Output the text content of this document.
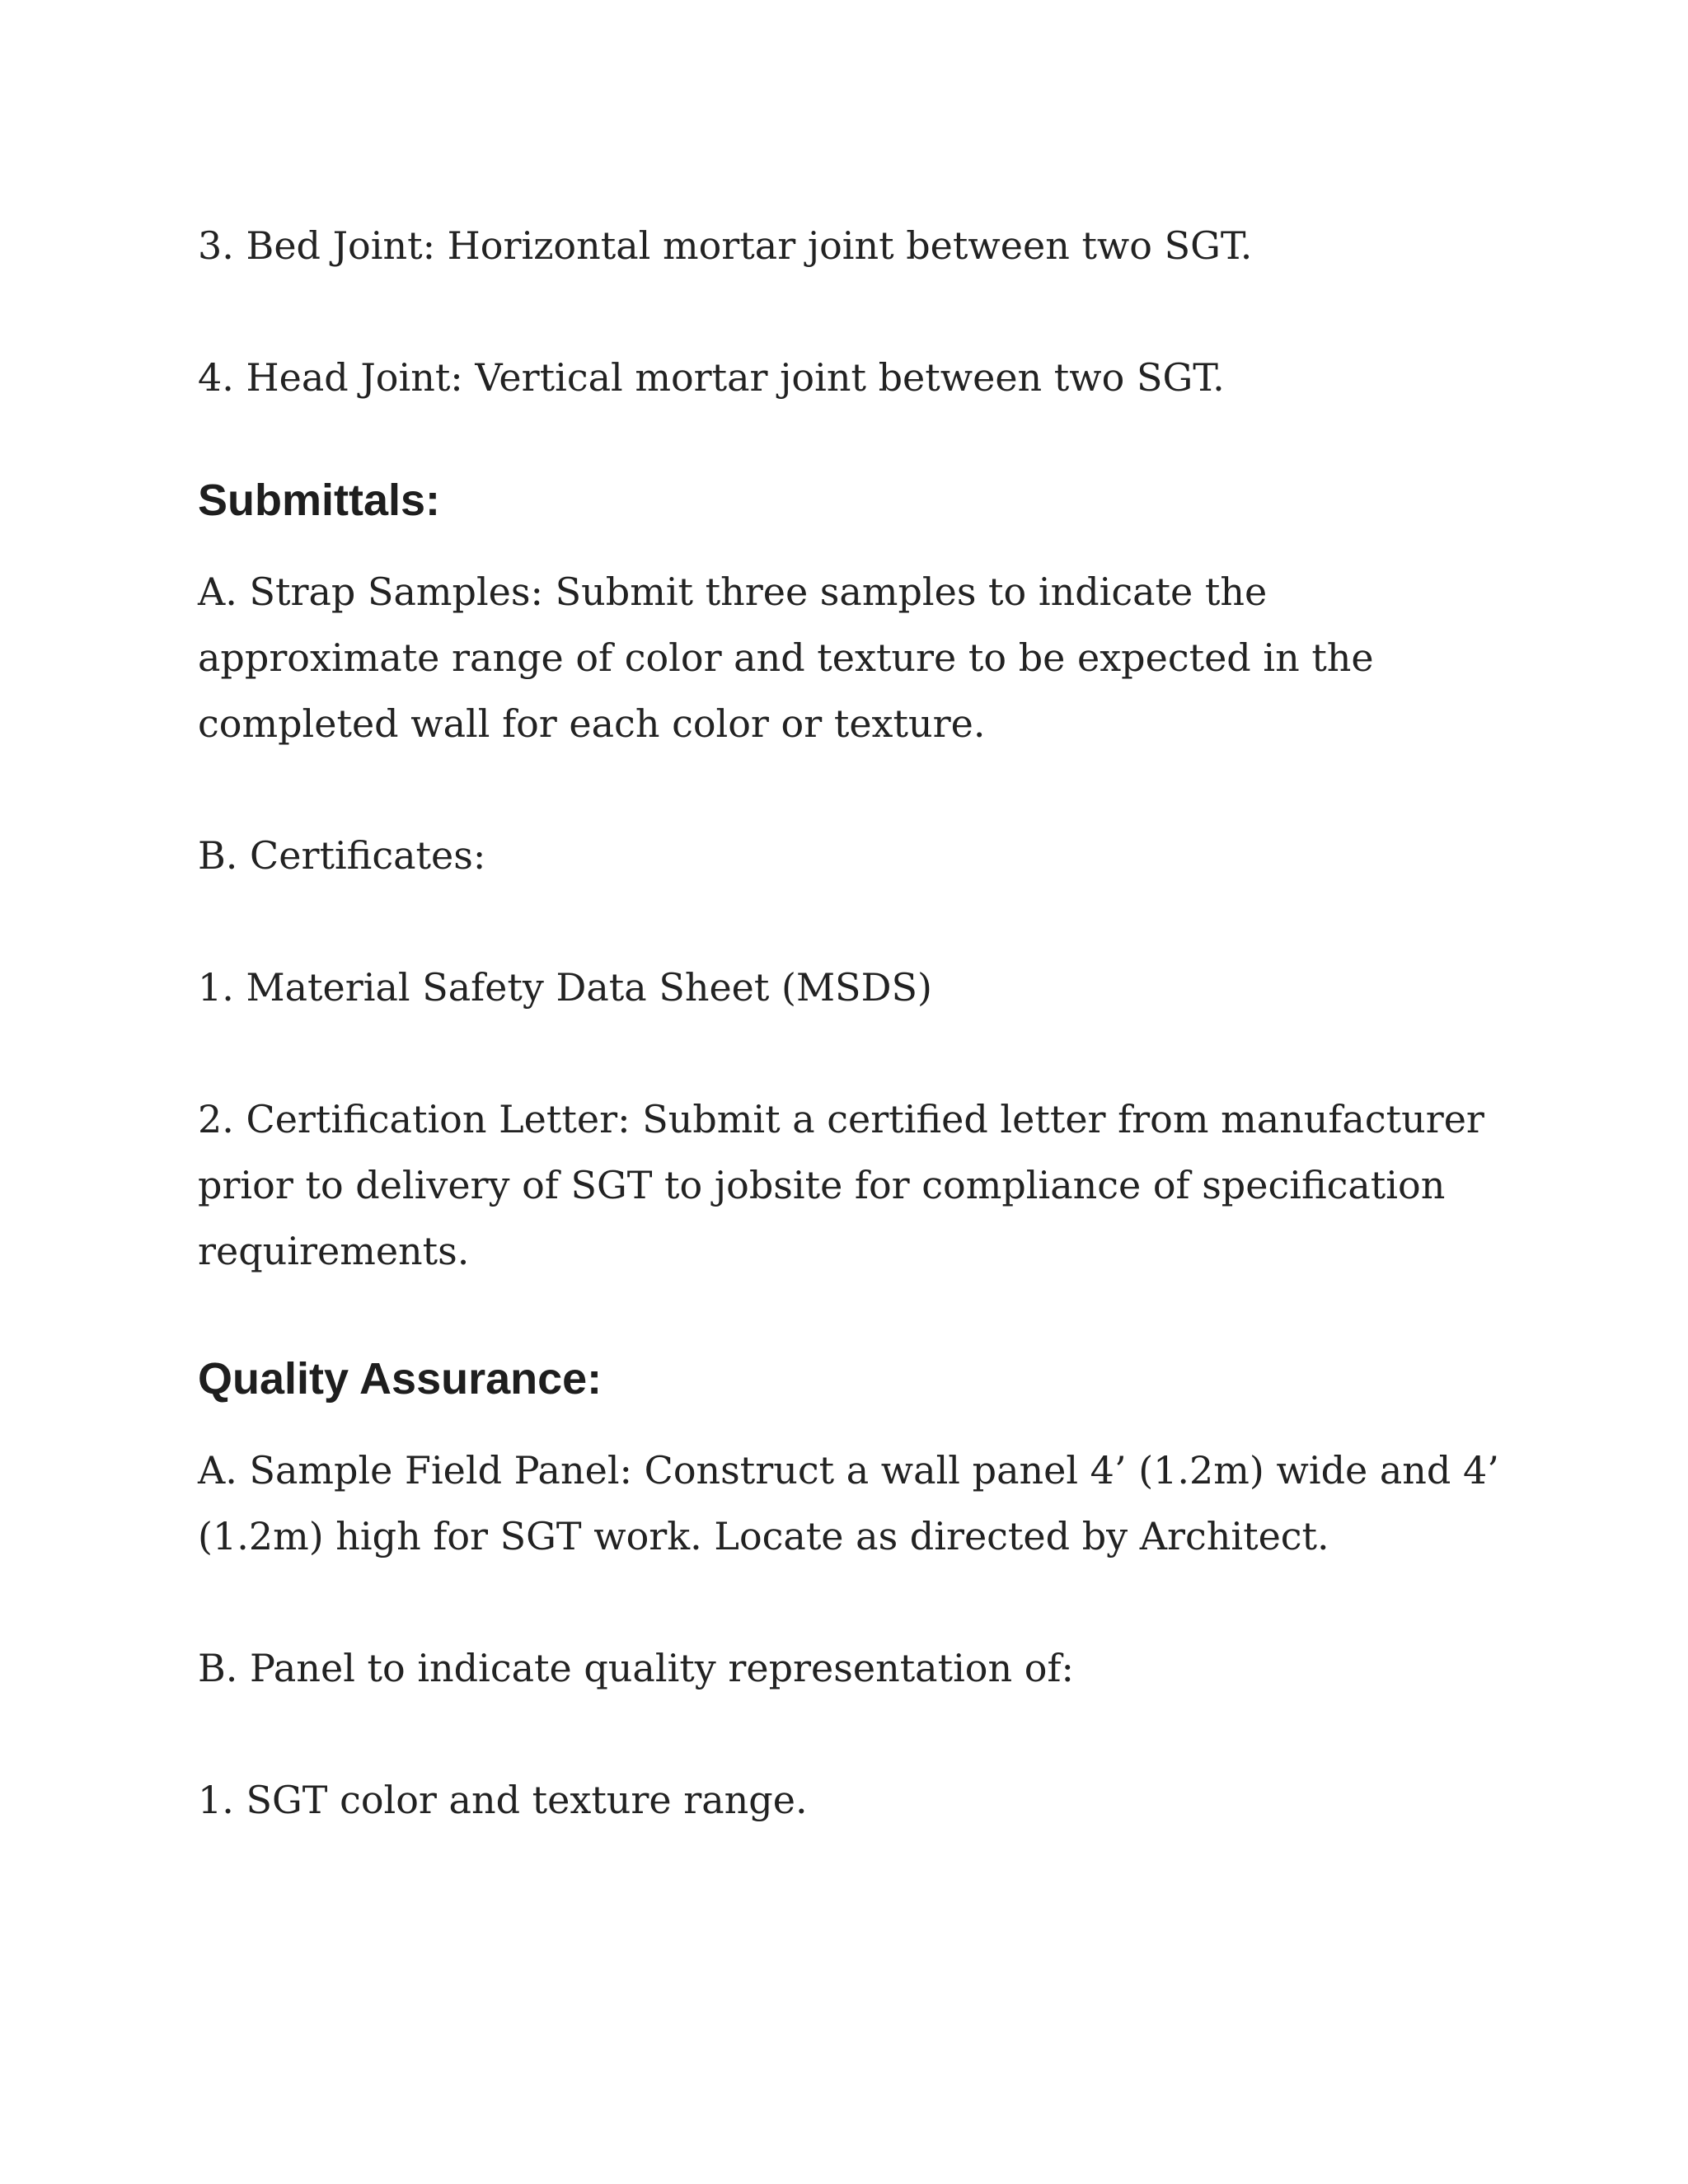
3. Bed Joint: Horizontal mortar joint between two SGT.

4. Head Joint: Vertical mortar joint between two SGT.

Submittals:

A. Strap Samples: Submit three samples to indicate the approximate range of color and texture to be expected in the completed wall for each color or texture.

B. Certificates:

1. Material Safety Data Sheet (MSDS)

2. Certification Letter: Submit a certified letter from manufacturer prior to delivery of SGT to jobsite for compliance of specification requirements.

Quality Assurance:

A. Sample Field Panel: Construct a wall panel 4’ (1.2m) wide and 4’ (1.2m) high for SGT work. Locate as directed by Architect.

B. Panel to indicate quality representation of:

1. SGT color and texture range.
